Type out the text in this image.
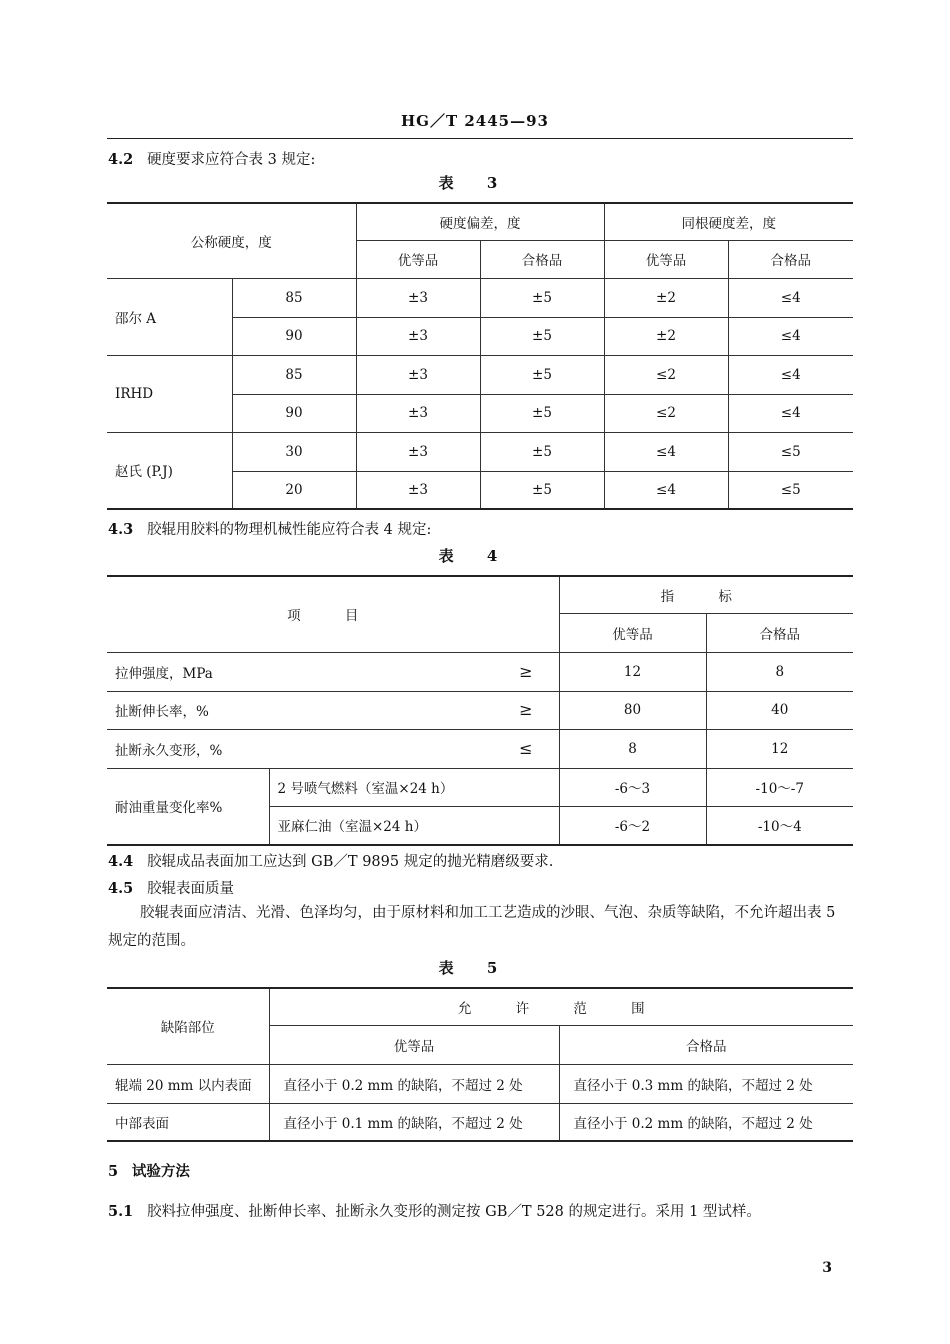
HG／T 2445—93
4.2 硬度要求应符合表 3 规定:
表 3
公称硬度，度		硬度偏差，度		同根硬度差，度	
		优等品	合格品	优等品	合格品
邵尔 A	85	±3	±5	±2	≤4
	90	±3	±5	±2	≤4
IRHD	85	±3	±5	≤2	≤4
	90	±3	±5	≤2	≤4
赵氏 (P.J)	30	±3	±5	≤4	≤5
	20	±3	±5	≤4	≤5
4.3 胶辊用胶料的物理机械性能应符合表 4 规定:
表 4
项 目		指 标	
		优等品	合格品
拉伸强度，MPa ≥		12	8
扯断伸长率，% ≥		80	40
扯断永久变形，% ≤		8	12
耐油重量变化率%	2 号喷气燃料（室温×24 h）	-6～3	-10～-7
	亚麻仁油（室温×24 h）	-6～2	-10～4
4.4 胶辊成品表面加工应达到 GB／T 9895 规定的抛光精磨级要求.
4.5 胶辊表面质量
胶辊表面应清洁、光滑、色泽均匀，由于原材料和加工工艺造成的沙眼、气泡、杂质等缺陷，不允许超出表 5 规定的范围。
表 5
缺陷部位	允 许 范 围	
	优等品	合格品
辊端 20 mm 以内表面	直径小于 0.2 mm 的缺陷，不超过 2 处	直径小于 0.3 mm 的缺陷，不超过 2 处
中部表面	直径小于 0.1 mm 的缺陷，不超过 2 处	直径小于 0.2 mm 的缺陷，不超过 2 处
5 试验方法
5.1 胶料拉伸强度、扯断伸长率、扯断永久变形的测定按 GB／T 528 的规定进行。采用 1 型试样。
3
